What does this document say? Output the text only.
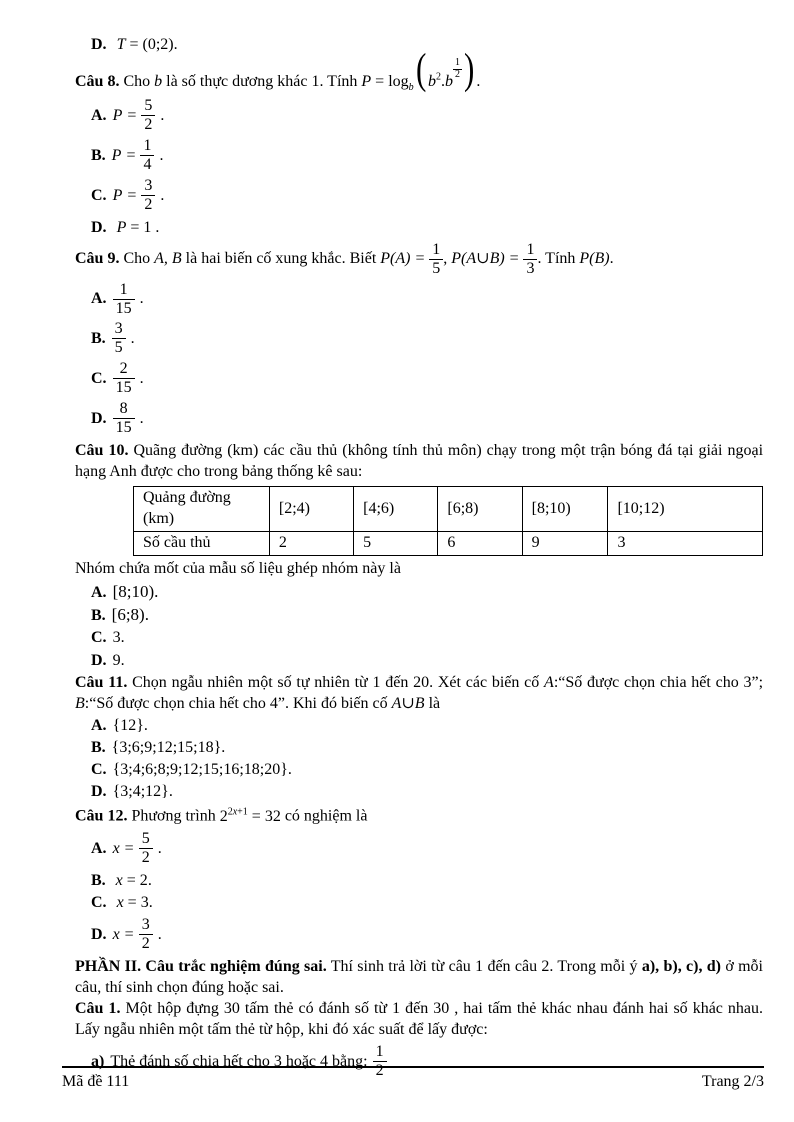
D. T = (0;2).

Câu 8. Cho b là số thực dương khác 1. Tính $P = \log_b$( $b^2.b$
$\frac{1}{2}$ ) .

A. $P = \frac{5}{2}$ .
B. $P = \frac{1}{4}$ .
C. $P = \frac{3}{2}$ .
D. P = 1 .

Câu 9. Cho A, B là hai biến cố xung khắc. Biết $P(A) = \frac{1}{5}$ , P(A∪B) = $\frac{1}{3}$ . Tính P(B).

A. $\frac{1}{15}$ .
B. $\frac{3}{5}$ .
C. $\frac{2}{15}$ .
D. $\frac{8}{15}$ .

Câu 10. Quãng đường (km) các cầu thủ (không tính thủ môn) chạy trong một trận bóng đá tại giải ngoại hạng Anh được cho trong bảng thống kê sau:

Quảng đường (km)	[2;4)	[4;6)	[6;8)	[8;10)	[10;12)
Số cầu thủ	2	5	6	9	3

Nhóm chứa mốt của mẫu số liệu ghép nhóm này là

A. [8;10).
B. [6;8).
C. 3.
D. 9.

Câu 11. Chọn ngẫu nhiên một số tự nhiên từ 1 đến 20. Xét các biến cố A:“Số được chọn chia hết cho 3”; B:“Số được chọn chia hết cho 4”. Khi đó biến cố A∪B là

A. {12}.
B. {3;6;9;12;15;18}.
C. {3;4;6;8;9;12;15;16;18;20}.
D. {3;4;12}.

Câu 12. Phương trình $2^{2x+1} = 32$ có nghiệm là

A. $x = \frac{5}{2}$ .
B. x = 2.
C. x = 3.
D. $x = \frac{3}{2}$ .

PHẦN II. Câu trắc nghiệm đúng sai. Thí sinh trả lời từ câu 1 đến câu 2. Trong mỗi ý a), b), c), d) ở mỗi câu, thí sinh chọn đúng hoặc sai.

Câu 1. Một hộp đựng 30 tấm thẻ có đánh số từ 1 đến 30 , hai tấm thẻ khác nhau đánh hai số khác nhau. Lấy ngẫu nhiên một tấm thẻ từ hộp, khi đó xác suất để lấy được:

a) Thẻ đánh số chia hết cho 3 hoặc 4 bằng: $\frac{1}{2}$
Mã đề 111	Trang 2/3
